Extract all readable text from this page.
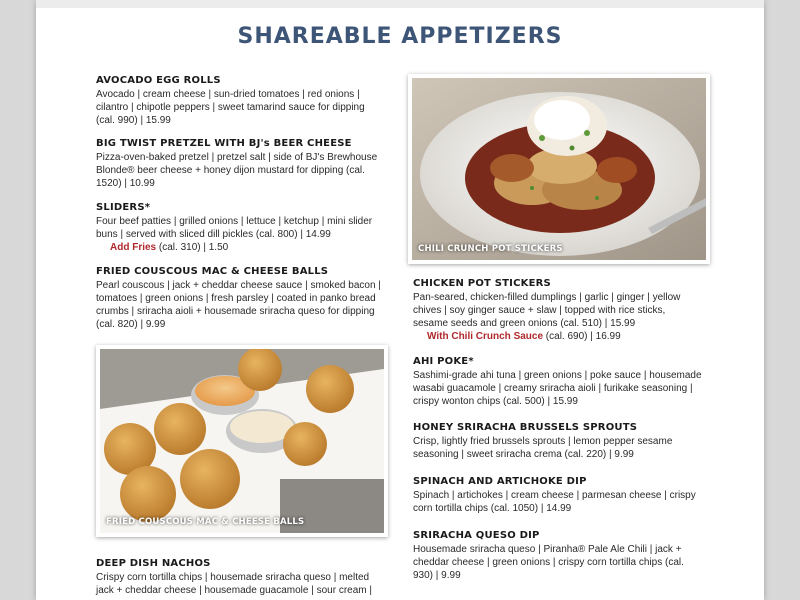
SHAREABLE APPETIZERS
AVOCADO EGG ROLLS
Avocado | cream cheese | sun-dried tomatoes | red onions | cilantro | chipotle peppers | sweet tamarind sauce for dipping (cal. 990) | 15.99
BIG TWIST PRETZEL WITH BJ's BEER CHEESE
Pizza-oven-baked pretzel | pretzel salt | side of BJ's Brewhouse Blonde® beer cheese + honey dijon mustard for dipping (cal. 1520) | 10.99
SLIDERS*
Four beef patties | grilled onions | lettuce | ketchup | mini slider buns | served with sliced dill pickles (cal. 800) | 14.99
Add Fries (cal. 310) | 1.50
FRIED COUSCOUS MAC & CHEESE BALLS
Pearl couscous | jack + cheddar cheese sauce | smoked bacon | tomatoes | green onions | fresh parsley | coated in panko bread crumbs | sriracha aioli + housemade sriracha queso for dipping (cal. 820) | 9.99
DEEP DISH NACHOS
Crispy corn tortilla chips | housemade sriracha queso | melted jack + cheddar cheese | housemade guacamole | sour cream |
CHICKEN POT STICKERS
Pan-seared, chicken-filled dumplings | garlic | ginger | yellow chives | soy ginger sauce + slaw | topped with rice sticks, sesame seeds and green onions (cal. 510) | 15.99
With Chili Crunch Sauce (cal. 690) | 16.99
AHI POKE*
Sashimi-grade ahi tuna | green onions | poke sauce | housemade wasabi guacamole | creamy sriracha aioli | furikake seasoning | crispy wonton chips (cal. 500) | 15.99
HONEY SRIRACHA BRUSSELS SPROUTS
Crisp, lightly fried brussels sprouts | lemon pepper sesame seasoning | sweet sriracha crema (cal. 220) | 9.99
SPINACH AND ARTICHOKE DIP
Spinach | artichokes | cream cheese | parmesan cheese | crispy corn tortilla chips (cal. 1050) | 14.99
SRIRACHA QUESO DIP
Housemade sriracha queso | Piranha® Pale Ale Chili | jack + cheddar cheese | green onions | crispy corn tortilla chips (cal. 930) | 9.99
CHILI CRUNCH POT STICKERS
FRIED COUSCOUS MAC & CHEESE BALLS
